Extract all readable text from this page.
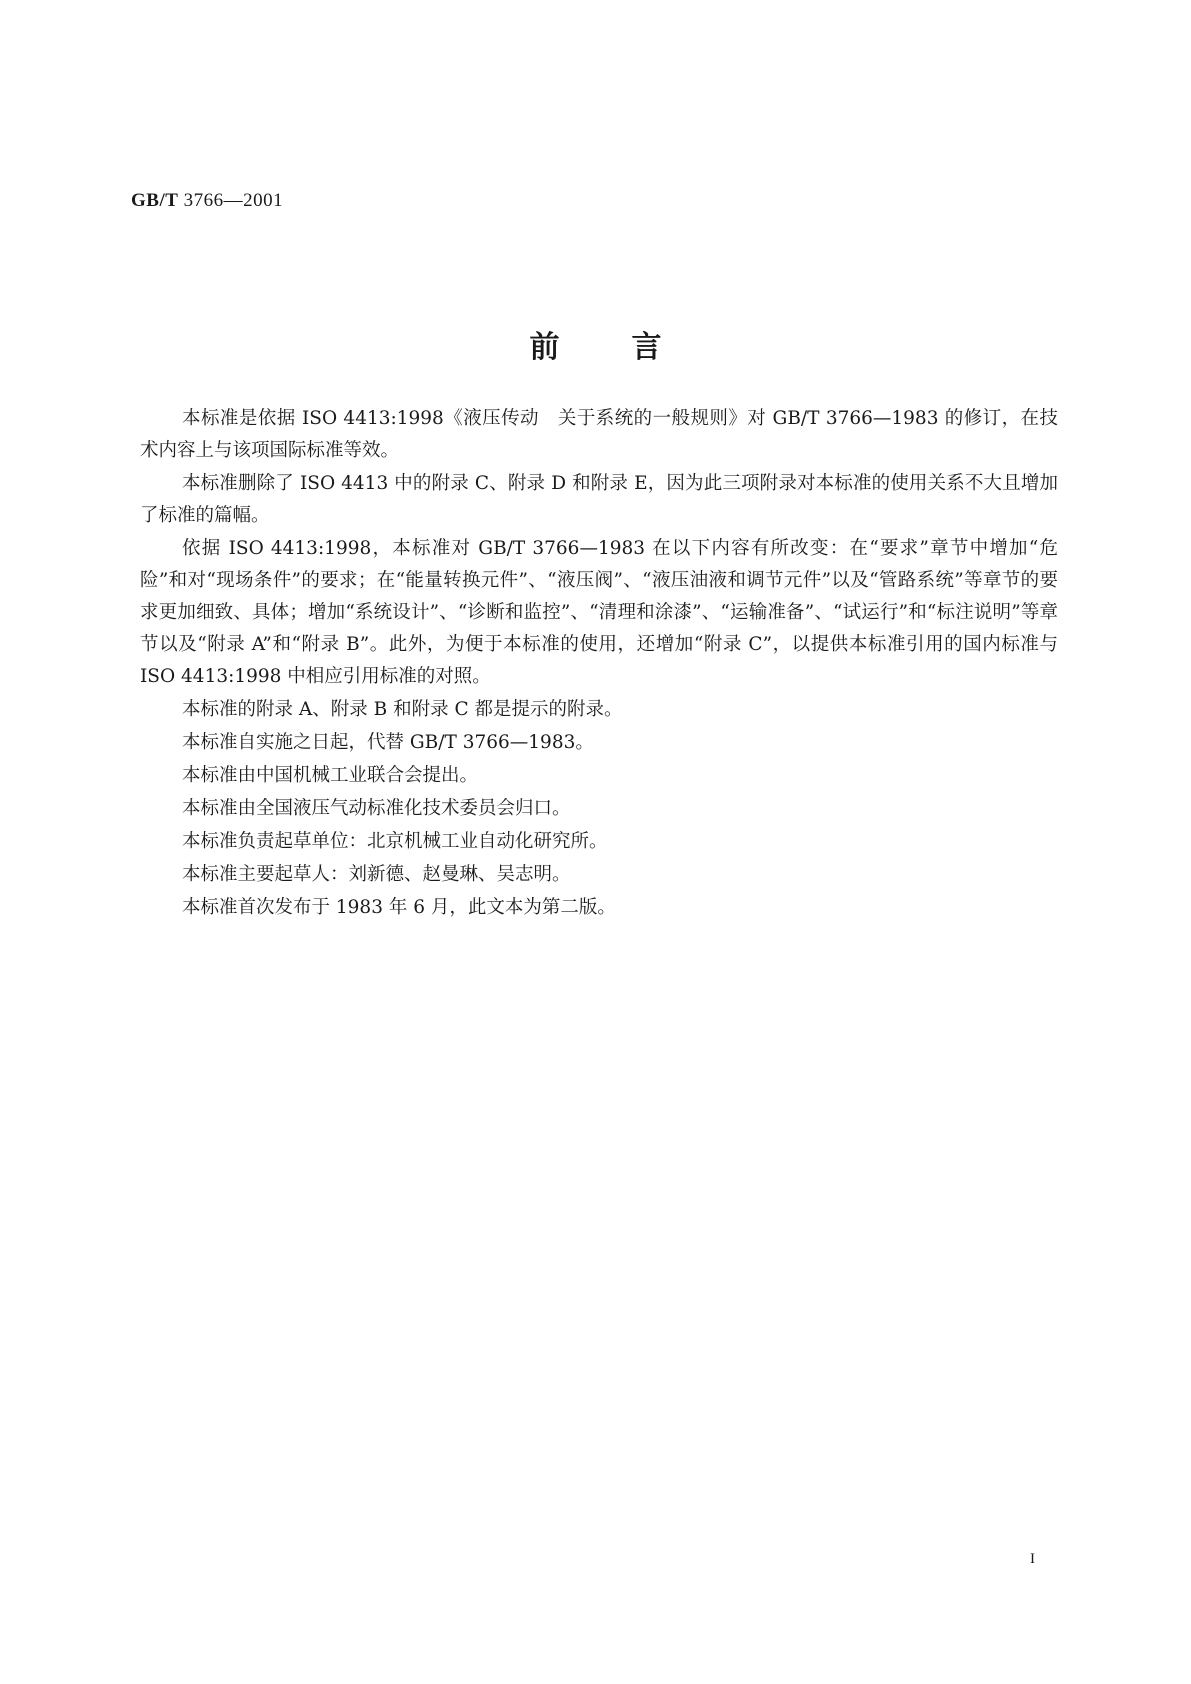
GB/T 3766—2001
前言

本标准是依据 ISO 4413:1998《液压传动　关于系统的一般规则》对 GB/T 3766—1983 的修订，在技术内容上与该项国际标准等效。

本标准删除了 ISO 4413 中的附录 C、附录 D 和附录 E，因为此三项附录对本标准的使用关系不大且增加了标准的篇幅。

依据 ISO 4413:1998，本标准对 GB/T 3766—1983 在以下内容有所改变：在“要求”章节中增加“危险”和对“现场条件”的要求；在“能量转换元件”、“液压阀”、“液压油液和调节元件”以及“管路系统”等章节的要求更加细致、具体；增加“系统设计”、“诊断和监控”、“清理和涂漆”、“运输准备”、“试运行”和“标注说明”等章节以及“附录 A”和“附录 B”。此外，为便于本标准的使用，还增加“附录 C”，以提供本标准引用的国内标准与 ISO 4413:1998 中相应引用标准的对照。

本标准的附录 A、附录 B 和附录 C 都是提示的附录。

本标准自实施之日起，代替 GB/T 3766—1983。

本标准由中国机械工业联合会提出。

本标准由全国液压气动标准化技术委员会归口。

本标准负责起草单位：北京机械工业自动化研究所。

本标准主要起草人：刘新德、赵曼琳、吴志明。

本标准首次发布于 1983 年 6 月，此文本为第二版。

I
